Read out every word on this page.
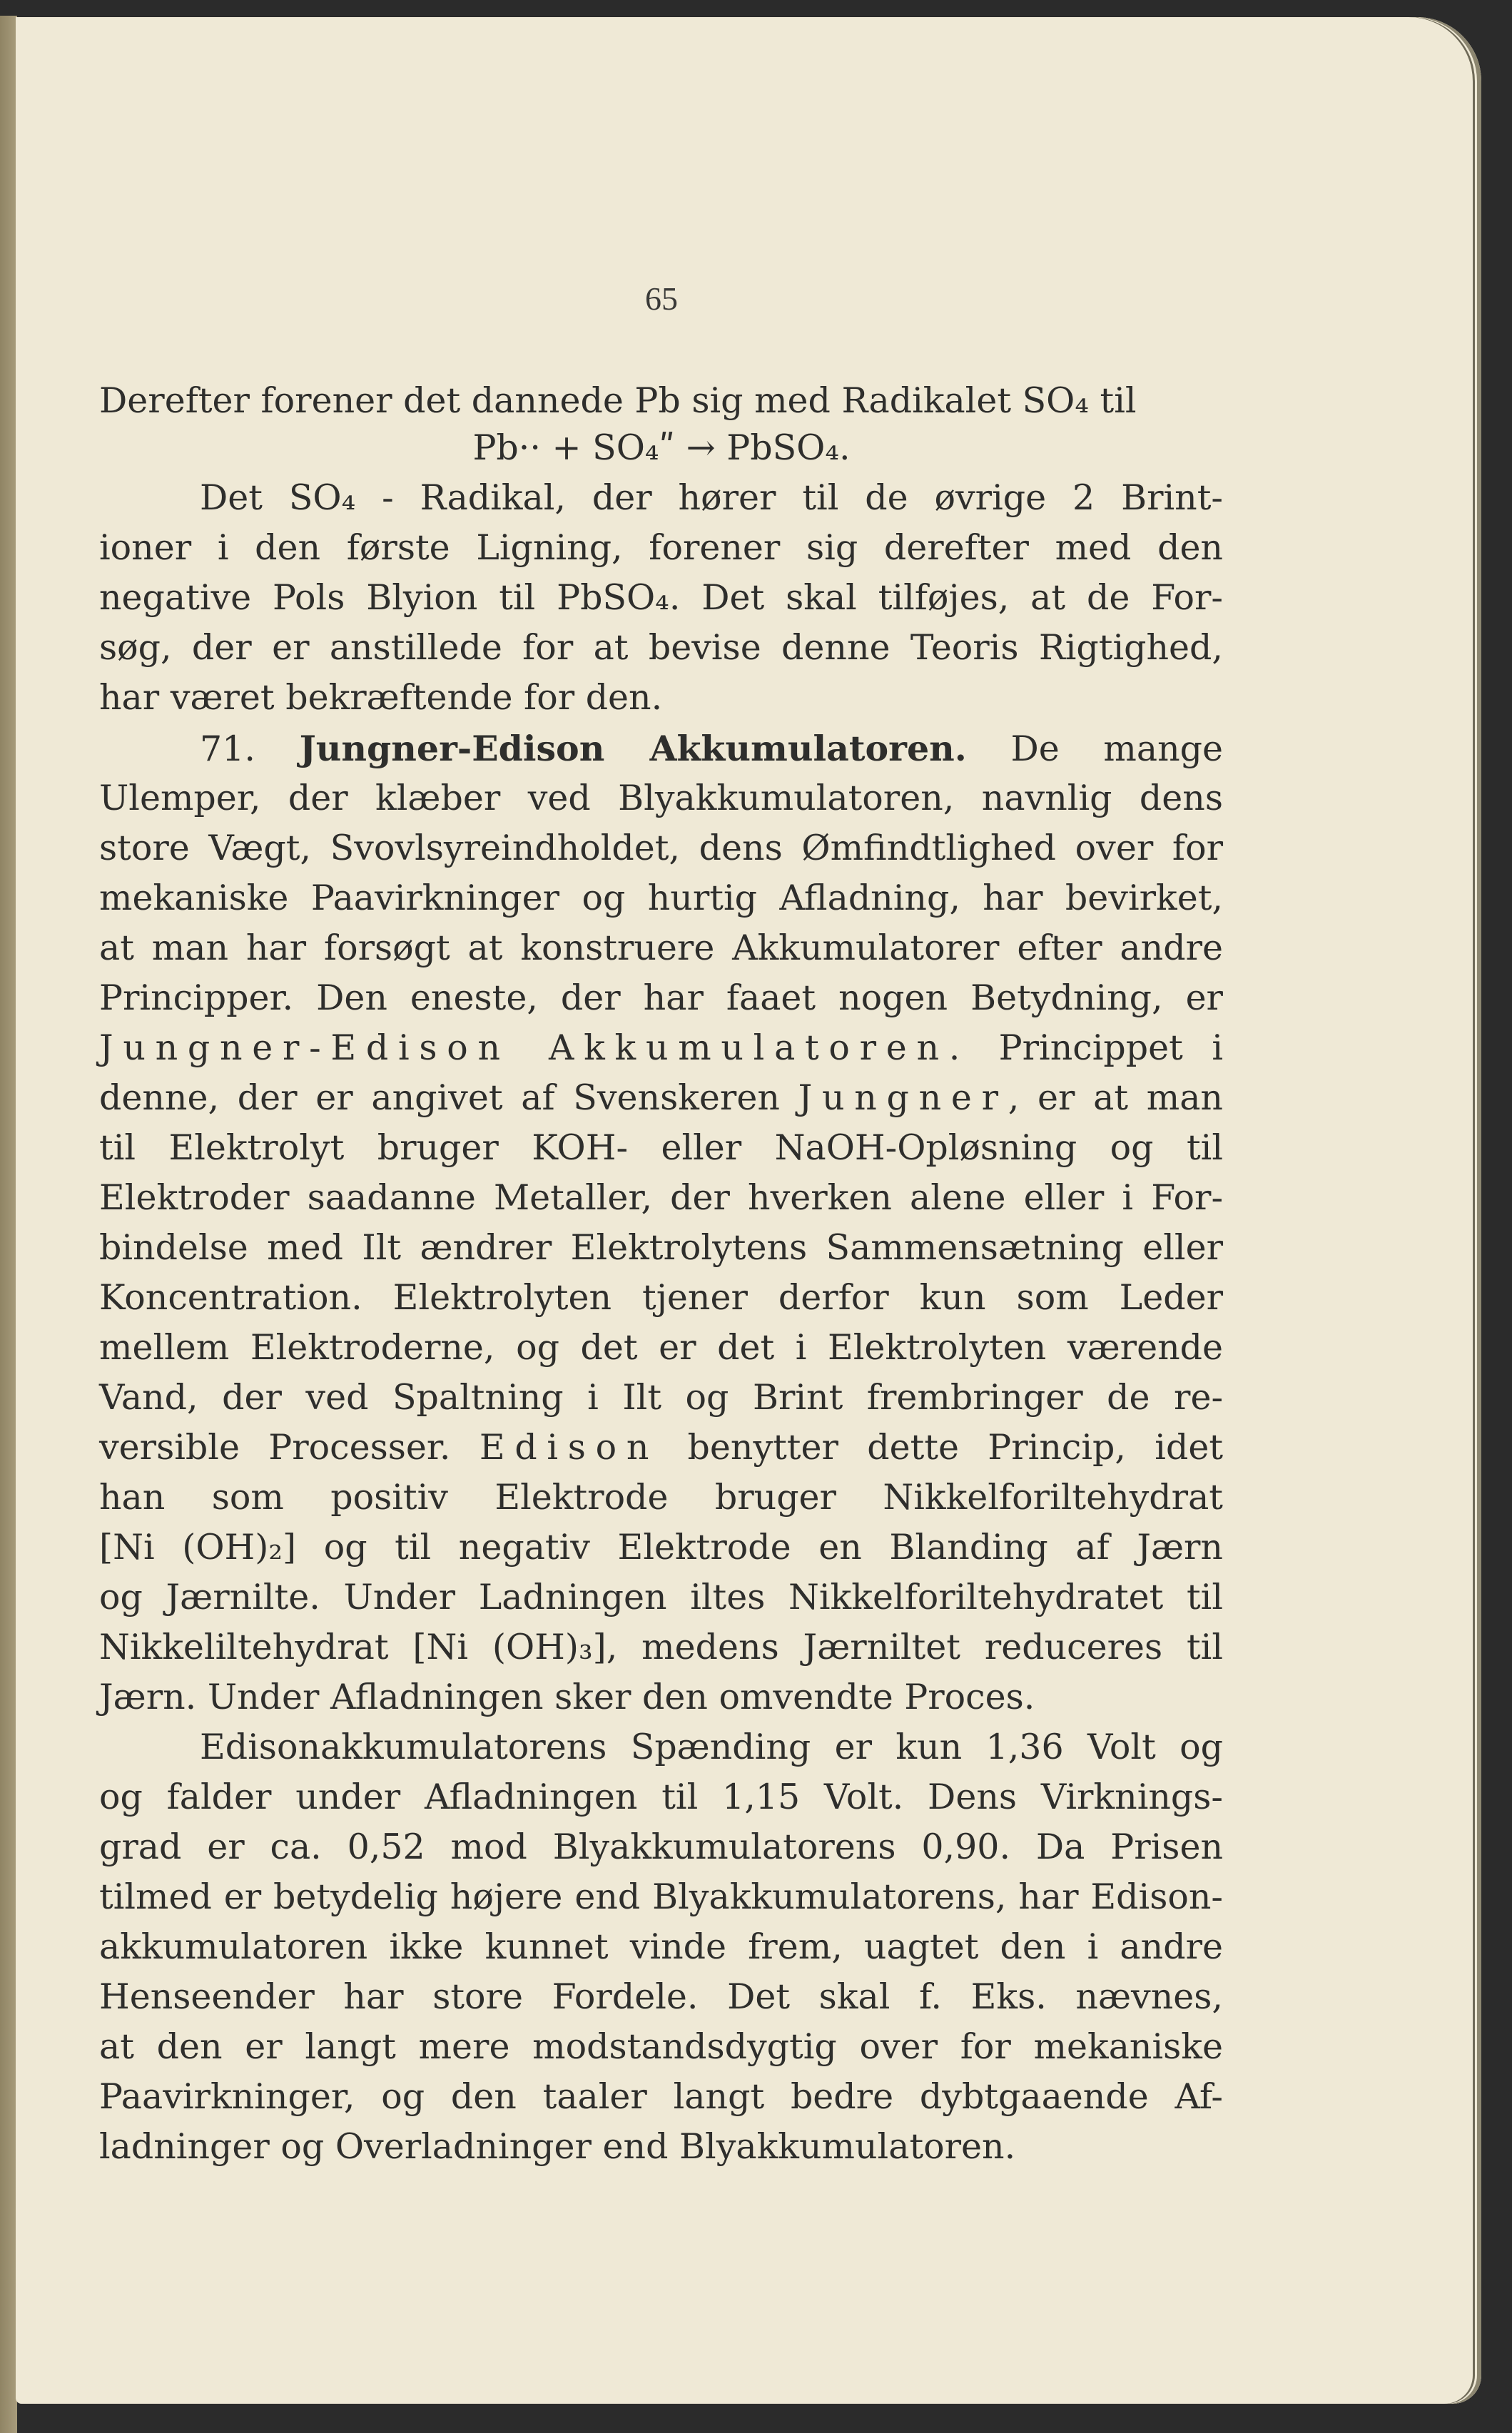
65
Derefter forener det dannede Pb sig med Radikalet SO₄ til
Pb·· + SO₄ʺ → PbSO₄.
Det SO₄ - Radikal, der hører til de øvrige 2 Brint-
ioner i den første Ligning, forener sig derefter med den
negative Pols Blyion til PbSO₄. Det skal tilføjes, at de For-
søg, der er anstillede for at bevise denne Teoris Rigtighed,
har været bekræftende for den.
71. Jungner-Edison Akkumulatoren. De mange
Ulemper, der klæber ved Blyakkumulatoren, navnlig dens
store Vægt, Svovlsyreindholdet, dens Ømfindtlighed over for
mekaniske Paavirkninger og hurtig Afladning, har bevirket,
at man har forsøgt at konstruere Akkumulatorer efter andre
Principper. Den eneste, der har faaet nogen Betydning, er
Jungner-Edison Akkumulatoren. Princippet i
denne, der er angivet af Svenskeren Jungner, er at man
til Elektrolyt bruger KOH- eller NaOH-Opløsning og til
Elektroder saadanne Metaller, der hverken alene eller i For-
bindelse med Ilt ændrer Elektrolytens Sammensætning eller
Koncentration. Elektrolyten tjener derfor kun som Leder
mellem Elektroderne, og det er det i Elektrolyten værende
Vand, der ved Spaltning i Ilt og Brint frembringer de re-
versible Processer. Edison benytter dette Princip, idet
han som positiv Elektrode bruger Nikkelforiltehydrat
[Ni (OH)₂] og til negativ Elektrode en Blanding af Jærn
og Jærnilte. Under Ladningen iltes Nikkelforiltehydratet til
Nikkeliltehydrat [Ni (OH)₃], medens Jærniltet reduceres til
Jærn. Under Afladningen sker den omvendte Proces.
Edisonakkumulatorens Spænding er kun 1,36 Volt og
og falder under Afladningen til 1,15 Volt. Dens Virknings-
grad er ca. 0,52 mod Blyakkumulatorens 0,90. Da Prisen
tilmed er betydelig højere end Blyakkumulatorens, har Edison-
akkumulatoren ikke kunnet vinde frem, uagtet den i andre
Henseender har store Fordele. Det skal f. Eks. nævnes,
at den er langt mere modstandsdygtig over for mekaniske
Paavirkninger, og den taaler langt bedre dybtgaaende Af-
ladninger og Overladninger end Blyakkumulatoren.
